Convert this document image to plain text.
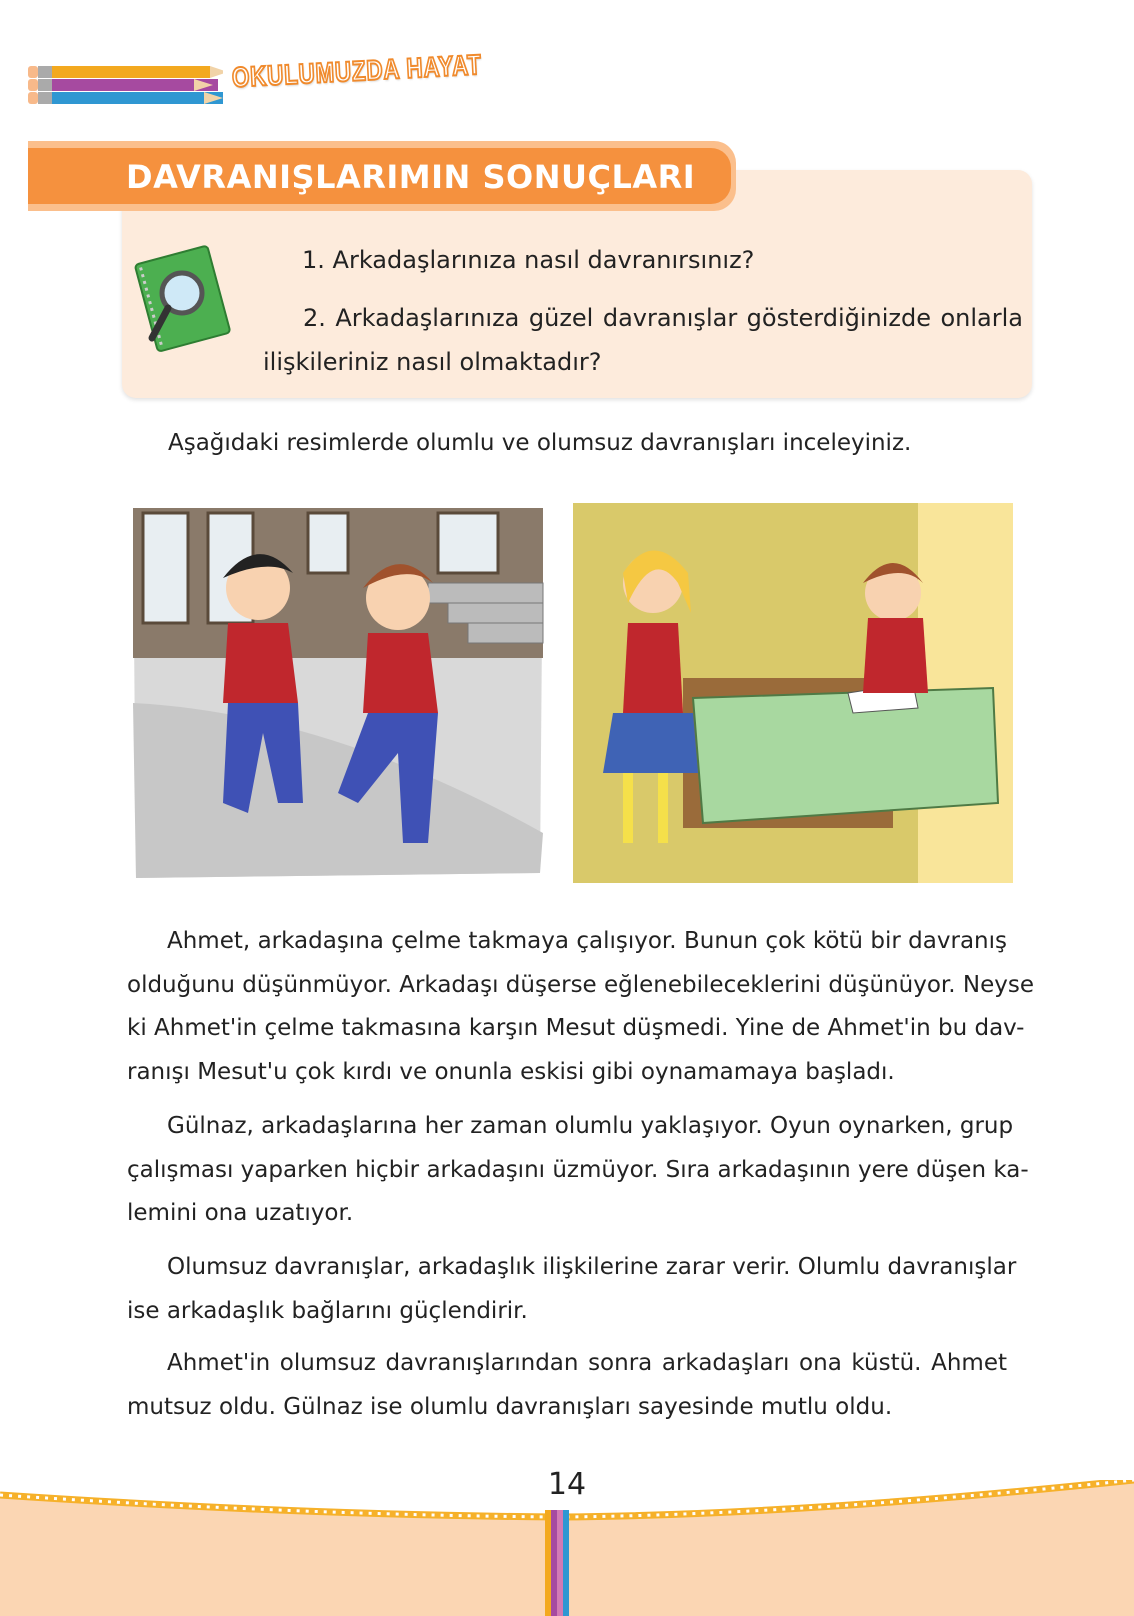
OKULUMUZDA HAYAT
DAVRANIŞLARIMIN SONUÇLARI
1. Arkadaşlarınıza nasıl davranırsınız?
2. Arkadaşlarınıza güzel davranışlar gösterdiğinizde onlarla ilişkileriniz nasıl olmaktadır?
Aşağıdaki resimlerde olumlu ve olumsuz davranışları inceleyiniz.
Ahmet, arkadaşına çelme takmaya çalışıyor. Bunun çok kötü bir davranış
olduğunu düşünmüyor. Arkadaşı düşerse eğlenebileceklerini düşünüyor. Neyse
ki Ahmet'in çelme takmasına karşın Mesut düşmedi. Yine de Ahmet'in bu dav-
ranışı Mesut'u çok kırdı ve onunla eskisi gibi oynamamaya başladı.
Gülnaz, arkadaşlarına her zaman olumlu yaklaşıyor. Oyun oynarken, grup
çalışması yaparken hiçbir arkadaşını üzmüyor. Sıra arkadaşının yere düşen ka-
lemini ona uzatıyor.
Olumsuz davranışlar, arkadaşlık ilişkilerine zarar verir. Olumlu davranışlar
ise arkadaşlık bağlarını güçlendirir.
Ahmet'in olumsuz davranışlarından sonra arkadaşları ona küstü. Ahmet
mutsuz oldu. Gülnaz ise olumlu davranışları sayesinde mutlu oldu.
14
